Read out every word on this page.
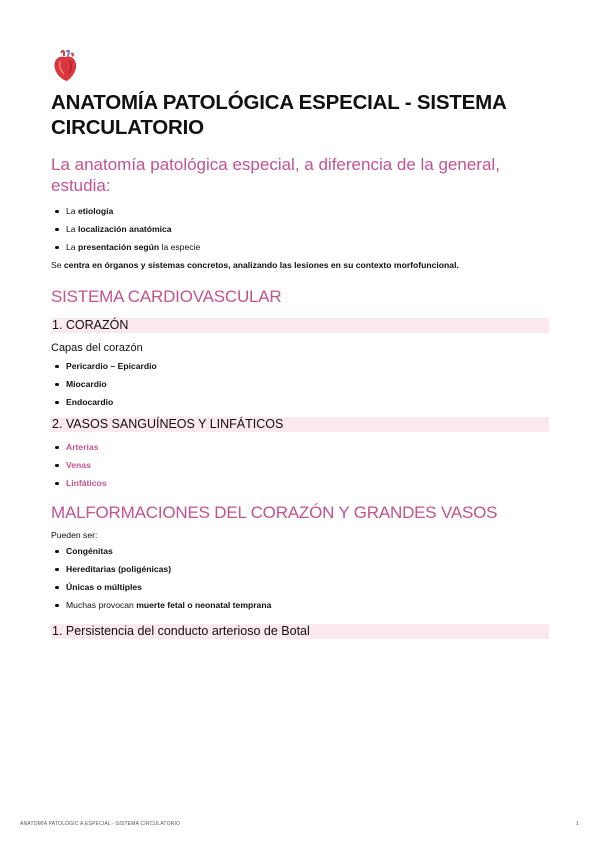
ANATOMÍA PATOLÓGICA ESPECIAL - SISTEMA CIRCULATORIO
La anatomía patológica especial, a diferencia de la general, estudia:
La etiología
La localización anatómica
La presentación según la especie

Se centra en órganos y sistemas concretos, analizando las lesiones en su contexto morfofuncional.

SISTEMA CARDIOVASCULAR
1. CORAZÓN
Capas del corazón
Pericardio – Epicardio
Miocardio
Endocardio
2. VASOS SANGUÍNEOS Y LINFÁTICOS
Arterias
Venas
Linfáticos
MALFORMACIONES DEL CORAZÓN Y GRANDES VASOS
Pueden ser:
Congénitas
Hereditarias (poligénicas)
Únicas o múltiples
Muchas provocan muerte fetal o neonatal temprana
1. Persistencia del conducto arterioso de Botal
ANATOMÍA PATOLÓGIC A ESPECIAL - SISTEMA CIRCULATORIO	1
